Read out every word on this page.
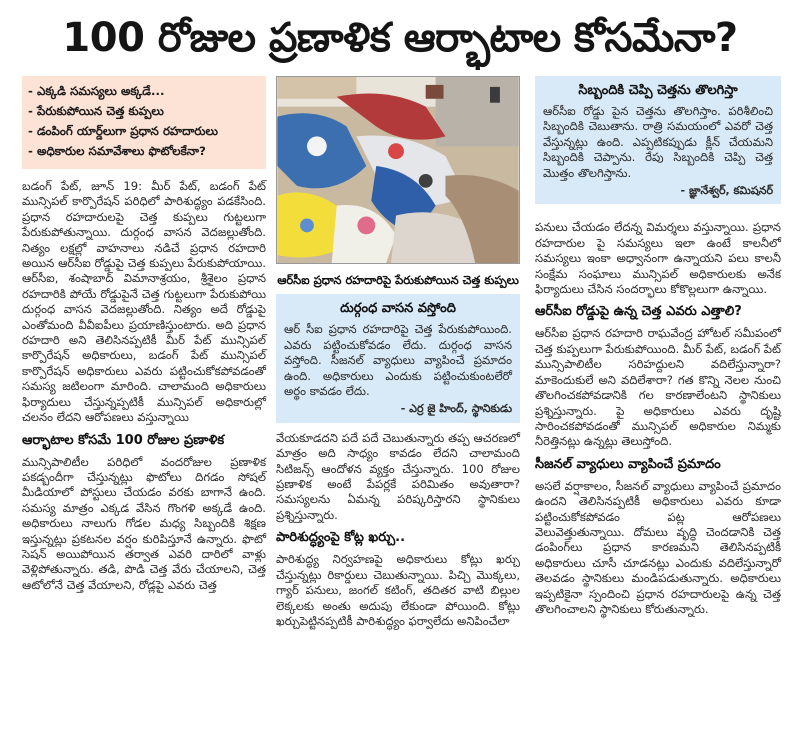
100 రోజుల ప్రణాళిక ఆర్భాటాల కోసమేనా?
- ఎక్కడి సమస్యలు అక్కడే...
- పేరుకుపోయిన చెత్త కుప్పలు
- డంపింగ్ యార్డ్‌లుగా ప్రధాన రహదారులు
- అధికారుల సమావేశాలు ఫొటోలకేనా?

బడంగ్ పేట్, జూన్ 19: మీర్ పేట్, బడంగ్ పేట్ మున్సిపల్ కార్పొరేషన్ పరిధిలో పారిశుద్ధ్యం పడకేసింది. ప్రధాన రహదారులపై చెత్త కుప్పలు గుట్టలుగా పేరుకుపోతున్నాయి. దుర్గంధ వాసన వెదజల్లుతోంది. నిత్యం లక్షల్లో వాహనాలు నడిచే ప్రధాన రహదారి అయిన ఆర్‌సీఐ రోడ్డుపై చెత్త కుప్పలు పేరుకుపోయాయి. ఆర్‌సీఐ, శంషాబాద్ విమానాశ్రయం, శ్రీశైలం ప్రధాన రహదారికి పోయే రోడ్డుపైనే చెత్త గుట్టలుగా పేరుకుపోయి దుర్గంధ వాసన వెదజల్లుతోంది. నిత్యం అదే రోడ్డుపై ఎంతోమంది వీవీఐపీలు ప్రయాణిస్తుంటారు. అది ప్రధాన రహదారి అని తెలిసినప్పటికీ మీర్ పేట్ మున్సిపల్ కార్పొరేషన్ అధికారులు, బడంగ్ పేట్ మున్సిపల్ కార్పొరేషన్ అధికారులు ఎవరు పట్టించుకోకపోవడంతో సమస్య జటిలంగా మారింది. చాలామంది అధికారులు ఫిర్యాదులు చేస్తున్నప్పటికీ మున్సిపల్ అధికారుల్లో చలనం లేదని ఆరోపణలు వస్తున్నాయి

ఆర్భాటాల కోసమే 100 రోజుల ప్రణాళిక

మున్సిపాలిటీల పరిధిలో వందరోజుల ప్రణాళిక పకడ్బందీగా చేస్తున్నట్లు ఫొటోలు దిగడం సోషల్ మీడియాలో పోస్టులు చేయడం వరకు బాగానే ఉంది. సమస్య మాత్రం ఎక్కడ వేసిన గొంగళి అక్కడే ఉంది. అధికారులు నాలుగు గోడల మధ్య సిబ్బందికి శిక్షణ ఇస్తున్నట్లు ప్రకటనల వర్షం కురిపిస్తూనే ఉన్నారు. ఫొటో సెషన్ అయిపోయిన తర్వాత ఎవరి దారిలో వాళ్లు వెళ్లిపోతున్నారు. తడి, పొడి చెత్త వేరు చేయాలని, చెత్త ఆటోలోనే చెత్త వేయాలని, రోడ్లపై ఎవరు చెత్త

ఆర్‌సీఐ ప్రధాన రహదారిపై పేరుకుపోయిన చెత్త కుప్పలు
దుర్గంధ వాసన వస్తోంది

ఆర్ సీఐ ప్రధాన రహదారిపై చెత్త పేరుకుపోయింది. ఎవరు పట్టించుకోవడం లేదు. దుర్గంధ వాసన వస్తోంది. సీజనల్ వ్యాధులు వ్యాపించే ప్రమాదం ఉంది. అధికారులు ఎందుకు పట్టించుకుంటలేరో అర్థం కావడం లేదు.

- ఎర్ర జై హింద్, స్థానికుడు

వేయకూడదని పదే పదే చెబుతున్నారు తప్ప ఆచరణలో మాత్రం అది సాధ్యం కావడం లేదని చాలామంది సిటిజన్స్ ఆందోళన వ్యక్తం చేస్తున్నారు. 100 రోజుల ప్రణాళిక అంటే పేపర్లకే పరిమితం అవుతారా? సమస్యలను ఏమన్న పరిష్కరిస్తారని స్థానికులు ప్రశ్నిస్తున్నారు.

పారిశుద్ధ్యంపై కోట్ల ఖర్చు..

పారిశుద్ధ్య నిర్వహణపై అధికారులు కోట్లు ఖర్చు చేస్తున్నట్లు రికార్డులు చెబుతున్నాయి. పిచ్చి మొక్కలు, గ్యార్ పనులు, జంగల్ కటింగ్, తదితర వాటి బిల్లుల లెక్కలకు అంతు అదుపు లేకుండా పోయింది. కోట్లు ఖర్చుపెట్టినప్పటికీ పారిశుద్ధ్యం ఫర్వాలేదు అనిపించేలా

సిబ్బందికి చెప్పి చెత్తను తొలగిస్తా

ఆర్‌సీఐ రోడ్డు పైన చెత్తను తొలగిస్తాం. పరిశీలించి సిబ్బందికి చెబుతాను. రాత్రి సమయంలో ఎవరో చెత్త వేస్తున్నట్లు ఉంది. ఎప్పటికప్పుడు క్లీన్ చేయమని సిబ్బందికి చెప్పాను. రేపు సిబ్బందికి చెప్పి చెత్త మొత్తం తొలగిస్తాను.

- జ్ఞానేశ్వర్, కమిషనర్

పనులు చేయడం లేదన్న విమర్శలు వస్తున్నాయి. ప్రధాన రహదారుల పై సమస్యలు ఇలా ఉంటే కాలనీలో సమస్యలు ఇంకా అధ్వానంగా ఉన్నాయని పలు కాలనీ సంక్షేమ సంఘాలు మున్సిపల్ అధికారులకు అనేక ఫిర్యాదులు చేసిన సందర్భాలు కోకొల్లలుగా ఉన్నాయి.

ఆర్‌సీఐ రోడ్డుపై ఉన్న చెత్త ఎవరు ఎత్తాలి?

ఆర్‌సీఐ ప్రధాన రహదారి రాఘవేంద్ర హోటల్ సమీపంలో చెత్త కుప్పలుగా పేరుకుపోయింది. మీర్ పేట్, బడంగ్ పేట్ మున్సిపాలిటీల సరిహద్దులని వదిలేస్తున్నారా? మాకెందుకులే అని వదిలేశారా? గత కొన్ని నెలల నుంచి తొలగించకపోవడానికి గల కారణాలేంటని స్థానికులు ప్రశ్నిస్తున్నారు. పై అధికారులు ఎవరు దృష్టి సారించకపోవడంతో మున్సిపల్ అధికారుల నిమ్మకు నీరెత్తినట్లు ఉన్నట్లు తెలుస్తోంది.

సీజనల్ వ్యాధులు వ్యాపించే ప్రమాదం

అసలే వర్షాకాలం, సీజనల్ వ్యాధులు వ్యాపించే ప్రమాదం ఉందని తెలిసినప్పటికీ అధికారులు ఎవరు కూడా పట్టించుకోకపోవడం పట్ల ఆరోపణలు వెలువెత్తుతున్నాయి. దోమలు వృద్ధి చెందడానికి చెత్త డంపింగ్‌లు ప్రధాన కారణమని తెలిసినప్పటికీ అధికారులు చూసీ చూడనట్లు ఎందుకు వదిలేస్తున్నారో తెలవడం స్థానికులు మండిపడుతున్నారు. అధికారులు ఇప్పటికైనా స్పందించి ప్రధాన రహదారులపై ఉన్న చెత్త తొలగించాలని స్థానికులు కోరుతున్నారు.
